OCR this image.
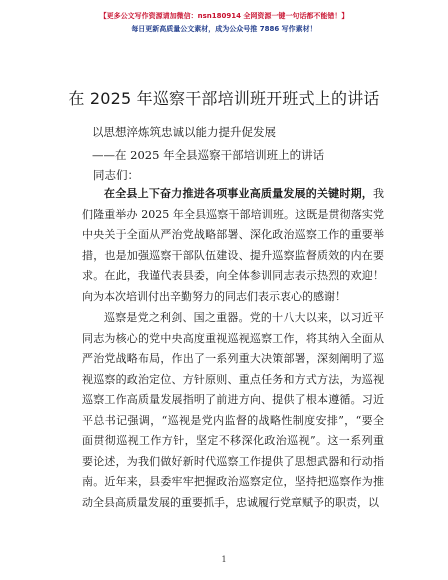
【更多公文写作资源请加微信：nsn180914 全网资源一键一句话都不能错！】
每日更新高质量公文素材，成为公众号推 7886 写作素材！
在 2025 年巡察干部培训班开班式上的讲话
以思想淬炼筑忠诚以能力提升促发展
——在 2025 年全县巡察干部培训班上的讲话
同志们：
在全县上下奋力推进各项事业高质量发展的关键时期，我们隆重举办 2025 年全县巡察干部培训班。这既是贯彻落实党中央关于全面从严治党战略部署、深化政治巡察工作的重要举措，也是加强巡察干部队伍建设、提升巡察监督质效的内在要求。在此，我谨代表县委，向全体参训同志表示热烈的欢迎！向为本次培训付出辛勤努力的同志们表示衷心的感谢！
巡察是党之利剑、国之重器。党的十八大以来，以习近平同志为核心的党中央高度重视巡视巡察工作，将其纳入全面从严治党战略布局，作出了一系列重大决策部署，深刻阐明了巡视巡察的政治定位、方针原则、重点任务和方式方法，为巡视巡察工作高质量发展指明了前进方向、提供了根本遵循。习近平总书记强调，“巡视是党内监督的战略性制度安排”，“要全面贯彻巡视工作方针，坚定不移深化政治巡视”。这一系列重要论述，为我们做好新时代巡察工作提供了思想武器和行动指南。近年来，县委牢牢把握政治巡察定位，坚持把巡察作为推动全县高质量发展的重要抓手，忠诚履行党章赋予的职责，以
1
